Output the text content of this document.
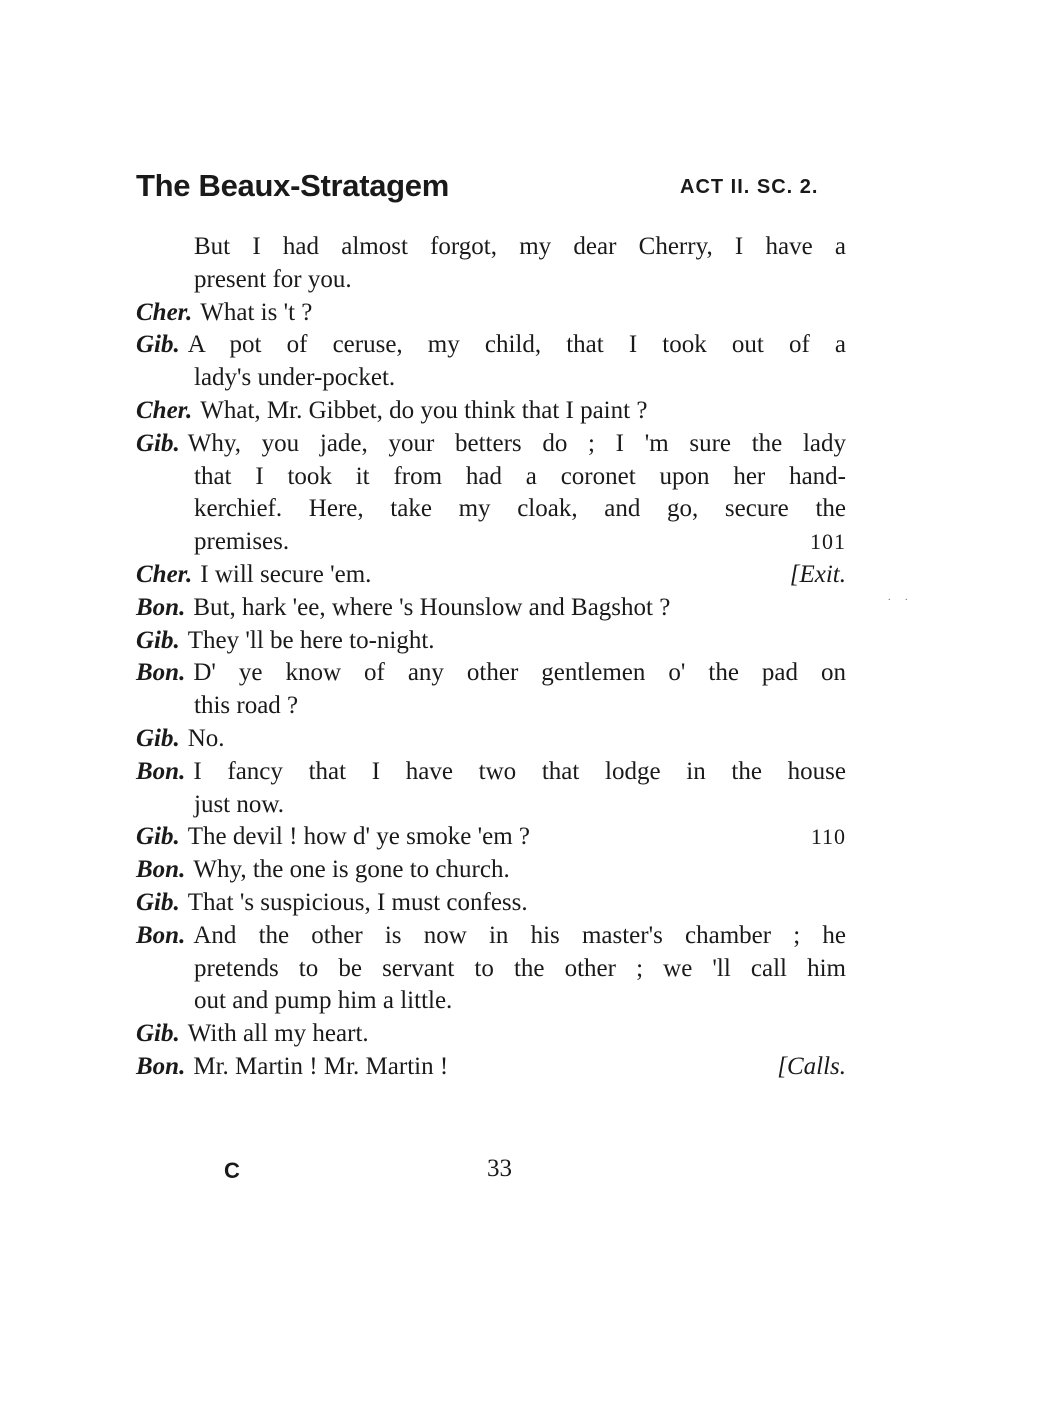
The Beaux-Stratagem	ACT II. SC. 2.
But I had almost forgot, my dear Cherry, I have a
present for you.
Cher. What is 't ?
Gib. A pot of ceruse, my child, that I took out of a
lady's under-pocket.
Cher. What, Mr. Gibbet, do you think that I paint ?
Gib. Why, you jade, your betters do ; I 'm sure the lady
that I took it from had a coronet upon her hand-
kerchief. Here, take my cloak, and go, secure the
premises.	101
Cher. I will secure 'em.	[Exit.
Bon. But, hark 'ee, where 's Hounslow and Bagshot ?
Gib. They 'll be here to-night.
Bon. D' ye know of any other gentlemen o' the pad on
this road ?
Gib. No.
Bon. I fancy that I have two that lodge in the house
just now.
Gib. The devil ! how d' ye smoke 'em ?	110
Bon. Why, the one is gone to church.
Gib. That 's suspicious, I must confess.
Bon. And the other is now in his master's chamber ; he
pretends to be servant to the other ; we 'll call him
out and pump him a little.
Gib. With all my heart.
Bon. Mr. Martin ! Mr. Martin !	[Calls.
. .
C	33
